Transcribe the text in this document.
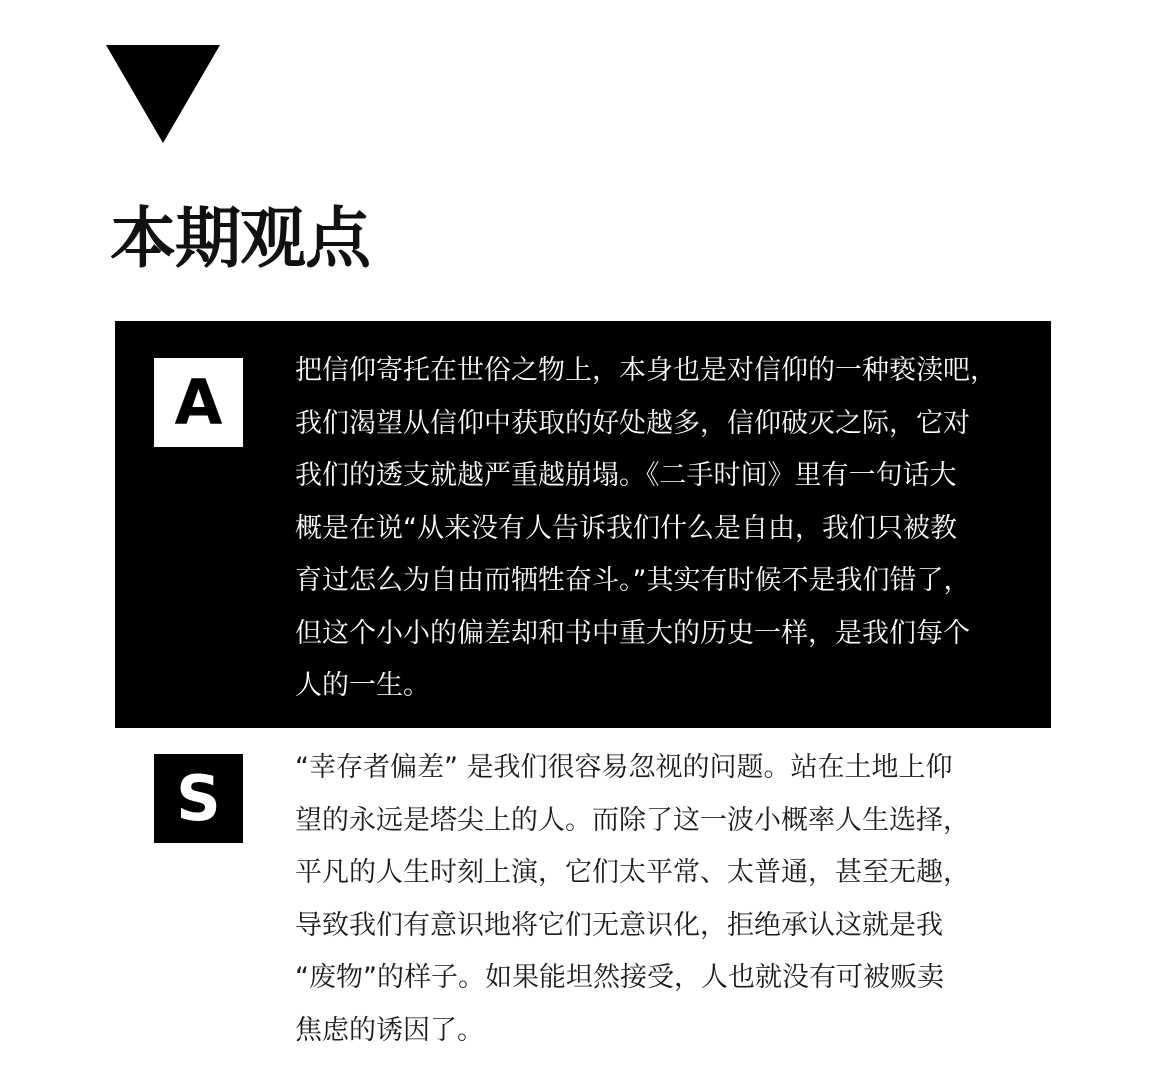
本期观点
A	把信仰寄托在世俗之物上，本身也是对信仰的一种亵渎吧，
我们渴望从信仰中获取的好处越多，信仰破灭之际，它对
我们的透支就越严重越崩塌。《二手时间》里有一句话大
概是在说“从来没有人告诉我们什么是自由，我们只被教
育过怎么为自由而牺牲奋斗。”其实有时候不是我们错了，
但这个小小的偏差却和书中重大的历史一样，是我们每个
人的一生。

S	“幸存者偏差” 是我们很容易忽视的问题。站在土地上仰
望的永远是塔尖上的人。而除了这一波小概率人生选择，
平凡的人生时刻上演，它们太平常、太普通，甚至无趣，
导致我们有意识地将它们无意识化，拒绝承认这就是我
“废物”的样子。如果能坦然接受，人也就没有可被贩卖
焦虑的诱因了。
